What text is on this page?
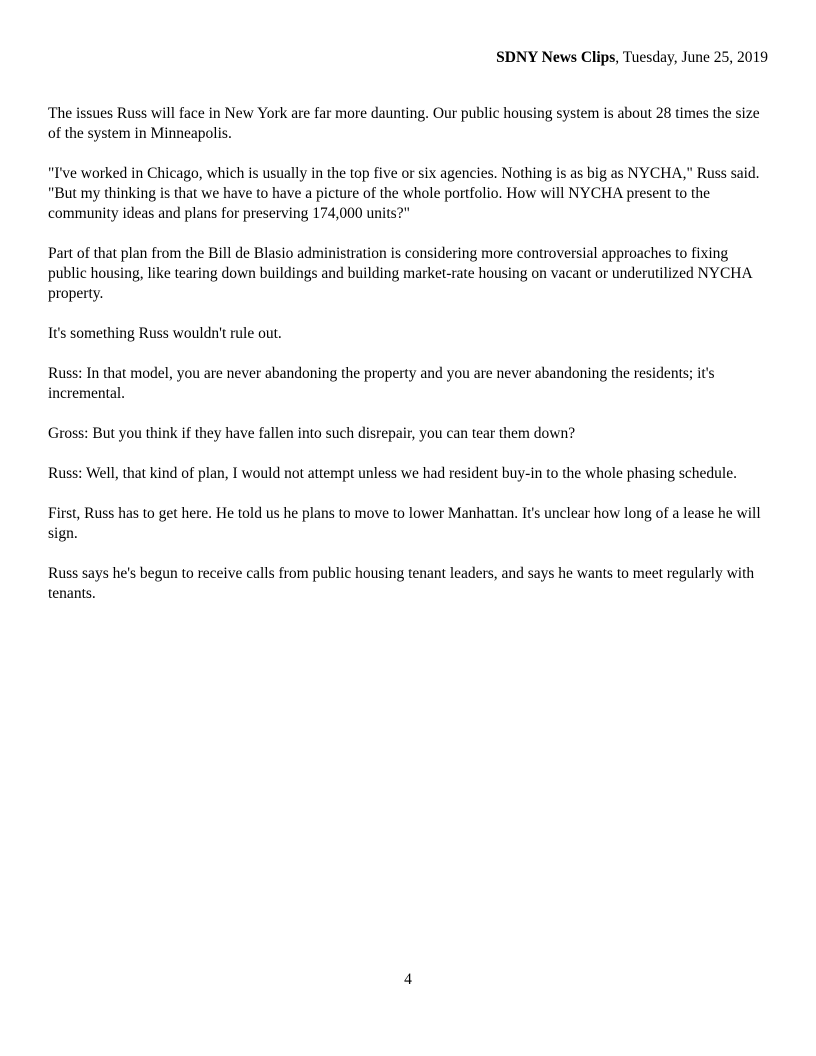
SDNY News Clips, Tuesday, June 25, 2019

The issues Russ will face in New York are far more daunting. Our public housing system is about 28 times the size of the system in Minneapolis.

"I've worked in Chicago, which is usually in the top five or six agencies. Nothing is as big as NYCHA," Russ said. "But my thinking is that we have to have a picture of the whole portfolio. How will NYCHA present to the community ideas and plans for preserving 174,000 units?"

Part of that plan from the Bill de Blasio administration is considering more controversial approaches to fixing public housing, like tearing down buildings and building market-rate housing on vacant or underutilized NYCHA property.

It's something Russ wouldn't rule out.

Russ: In that model, you are never abandoning the property and you are never abandoning the residents; it's incremental.

Gross: But you think if they have fallen into such disrepair, you can tear them down?

Russ: Well, that kind of plan, I would not attempt unless we had resident buy-in to the whole phasing schedule.

First, Russ has to get here. He told us he plans to move to lower Manhattan. It's unclear how long of a lease he will sign.

Russ says he's begun to receive calls from public housing tenant leaders, and says he wants to meet regularly with tenants.

4
